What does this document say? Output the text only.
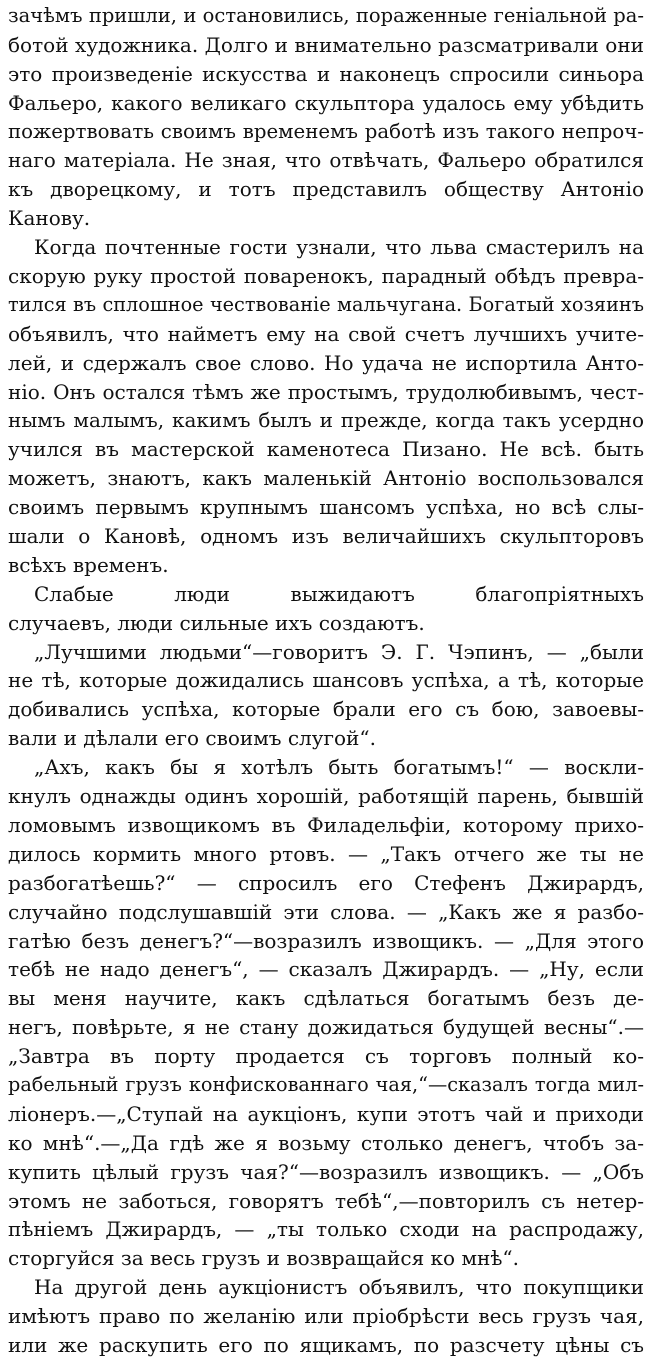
зачѣмъ пришли, и остановились, пораженные геніальной ра-
ботой художника. Долго и внимательно разсматривали они
это произведеніе искусства и наконецъ спросили синьора
Фальеро, какого великаго скульптора удалось ему убѣдить
пожертвовать своимъ временемъ работѣ изъ такого непроч-
наго матеріала. Не зная, что отвѣчать, Фальеро обратился
къ дворецкому, и тотъ представилъ обществу Антоніо
Канову.
Когда почтенные гости узнали, что льва смастерилъ на
скорую руку простой поваренокъ, парадный обѣдъ превра-
тился въ сплошное чествованіе мальчугана. Богатый хозяинъ
объявилъ, что найметъ ему на свой счетъ лучшихъ учите-
лей, и сдержалъ свое слово. Но удача не испортила Анто-
ніо. Онъ остался тѣмъ же простымъ, трудолюбивымъ, чест-
нымъ малымъ, какимъ былъ и прежде, когда такъ усердно
учился въ мастерской каменотеса Пизано. Не всѣ. быть
можетъ, знаютъ, какъ маленькій Антоніо воспользовался
своимъ первымъ крупнымъ шансомъ успѣха, но всѣ слы-
шали о Кановѣ, одномъ изъ величайшихъ скульпторовъ
всѣхъ временъ.
Слабые люди выжидаютъ благопріятныхъ
случаевъ, люди сильные ихъ создаютъ.
„Лучшими людьми“—говоритъ Э. Г. Чэпинъ, — „были
не тѣ, которые дожидались шансовъ успѣха, а тѣ, которые
добивались успѣха, которые брали его съ бою, завоевы-
вали и дѣлали его своимъ слугой“.
„Ахъ, какъ бы я хотѣлъ быть богатымъ!“ — воскли-
кнулъ однажды одинъ хорошій, работящій парень, бывшій
ломовымъ извощикомъ въ Филадельфіи, которому прихо-
дилось кормить много ртовъ. — „Такъ отчего же ты не
разбогатѣешь?“ — спросилъ его Стефенъ Джирардъ,
случайно подслушавшій эти слова. — „Какъ же я разбо-
гатѣю безъ денегъ?“—возразилъ извощикъ. — „Для этого
тебѣ не надо денегъ“, — сказалъ Джирардъ. — „Ну, если
вы меня научите, какъ сдѣлаться богатымъ безъ де-
негъ, повѣрьте, я не стану дожидаться будущей весны“.—
„Завтра въ порту продается съ торговъ полный ко-
рабельный грузъ конфискованнаго чая,“—сказалъ тогда мил-
ліонеръ.—„Ступай на аукціонъ, купи этотъ чай и приходи
ко мнѣ“.—„Да гдѣ же я возьму столько денегъ, чтобъ за-
купить цѣлый грузъ чая?“—возразилъ извощикъ. — „Объ
этомъ не заботься, говорятъ тебѣ“,—повторилъ съ нетер-
пѣніемъ Джирардъ, — „ты только сходи на распродажу,
сторгуйся за весь грузъ и возвращайся ко мнѣ“.
На другой день аукціонистъ объявилъ, что покупщики
имѣютъ право по желанію или пріобрѣсти весь грузъ чая,
или же раскупить его по ящикамъ, по разсчету цѣны съ
